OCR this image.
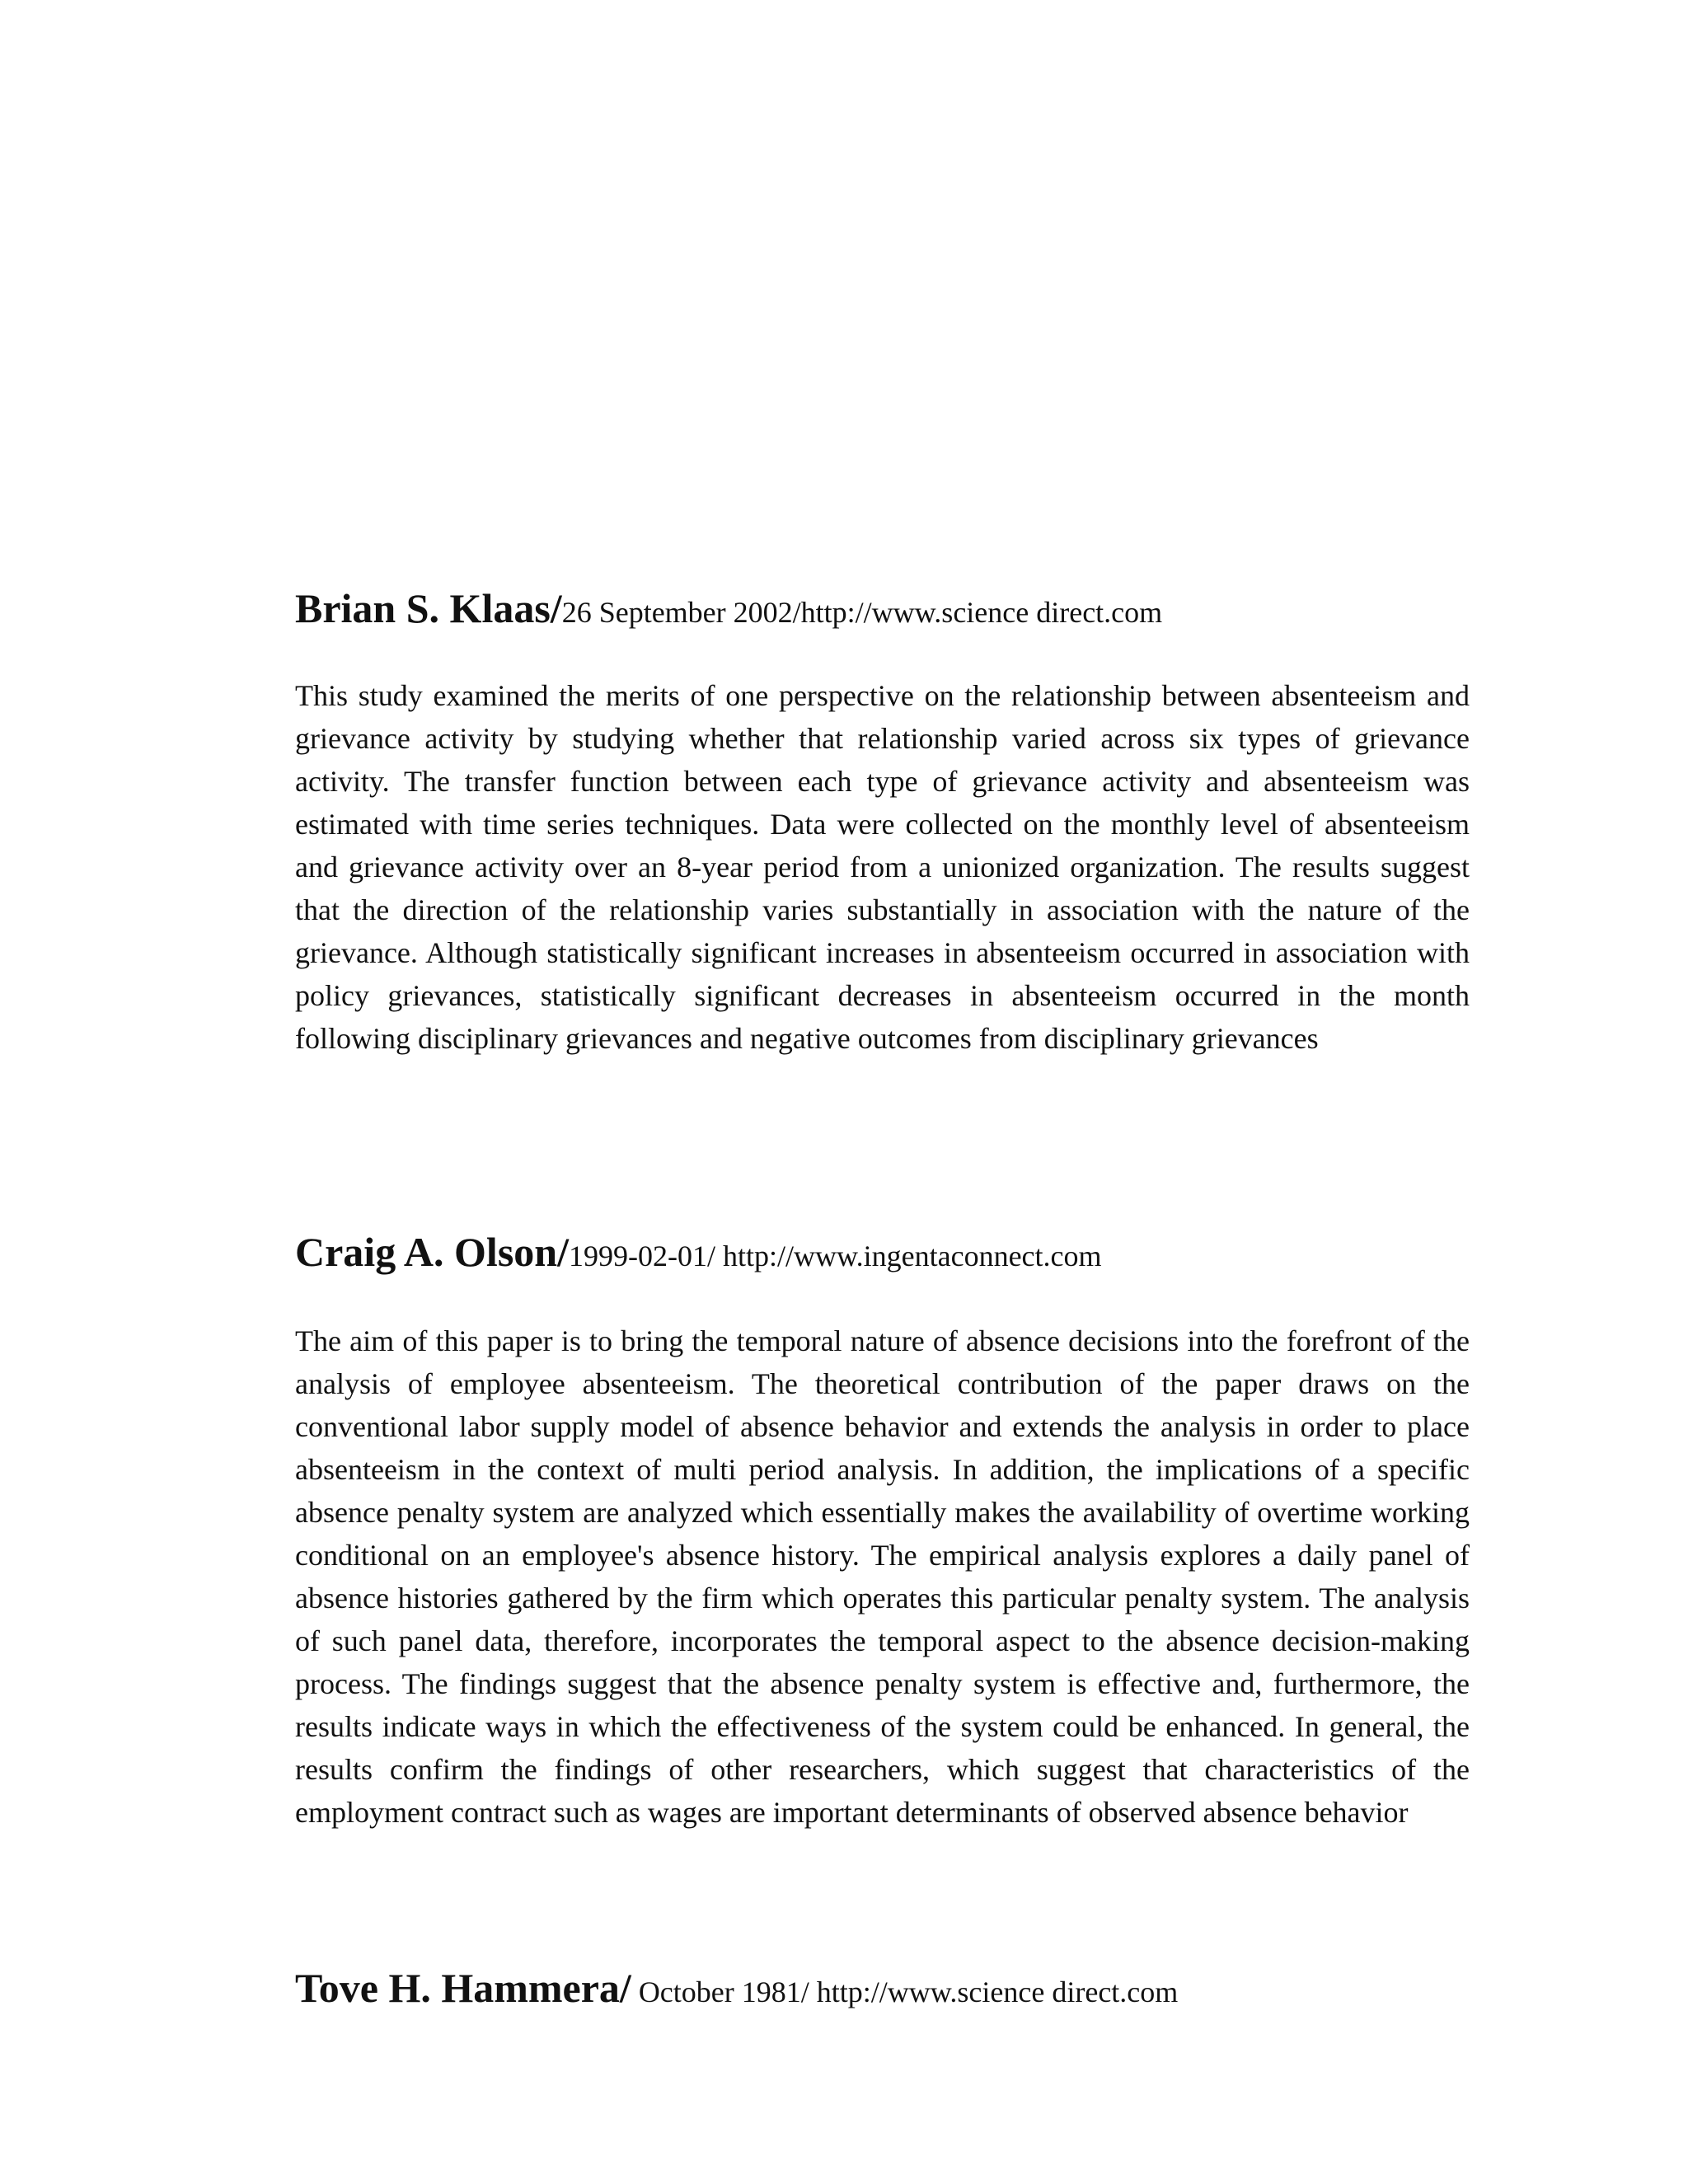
Brian S. Klaas/26 September 2002/http://www.science direct.com

This study examined the merits of one perspective on the relationship between absenteeism and grievance activity by studying whether that relationship varied across six types of grievance activity. The transfer function between each type of grievance activity and absenteeism was estimated with time series techniques. Data were collected on the monthly level of absenteeism and grievance activity over an 8-year period from a unionized organization. The results suggest that the direction of the relationship varies substantially in association with the nature of the grievance. Although statistically significant increases in absenteeism occurred in association with policy grievances, statistically significant decreases in absenteeism occurred in the month following disciplinary grievances and negative outcomes from disciplinary grievances

Craig A. Olson/1999-02-01/ http://www.ingentaconnect.com

The aim of this paper is to bring the temporal nature of absence decisions into the forefront of the analysis of employee absenteeism. The theoretical contribution of the paper draws on the conventional labor supply model of absence behavior and extends the analysis in order to place absenteeism in the context of multi period analysis. In addition, the implications of a specific absence penalty system are analyzed which essentially makes the availability of overtime working conditional on an employee's absence history. The empirical analysis explores a daily panel of absence histories gathered by the firm which operates this particular penalty system. The analysis of such panel data, therefore, incorporates the temporal aspect to the absence decision-making process. The findings suggest that the absence penalty system is effective and, furthermore, the results indicate ways in which the effectiveness of the system could be enhanced. In general, the results confirm the findings of other researchers, which suggest that characteristics of the employment contract such as wages are important determinants of observed absence behavior

Tove H. Hammera/ October 1981/ http://www.science direct.com
